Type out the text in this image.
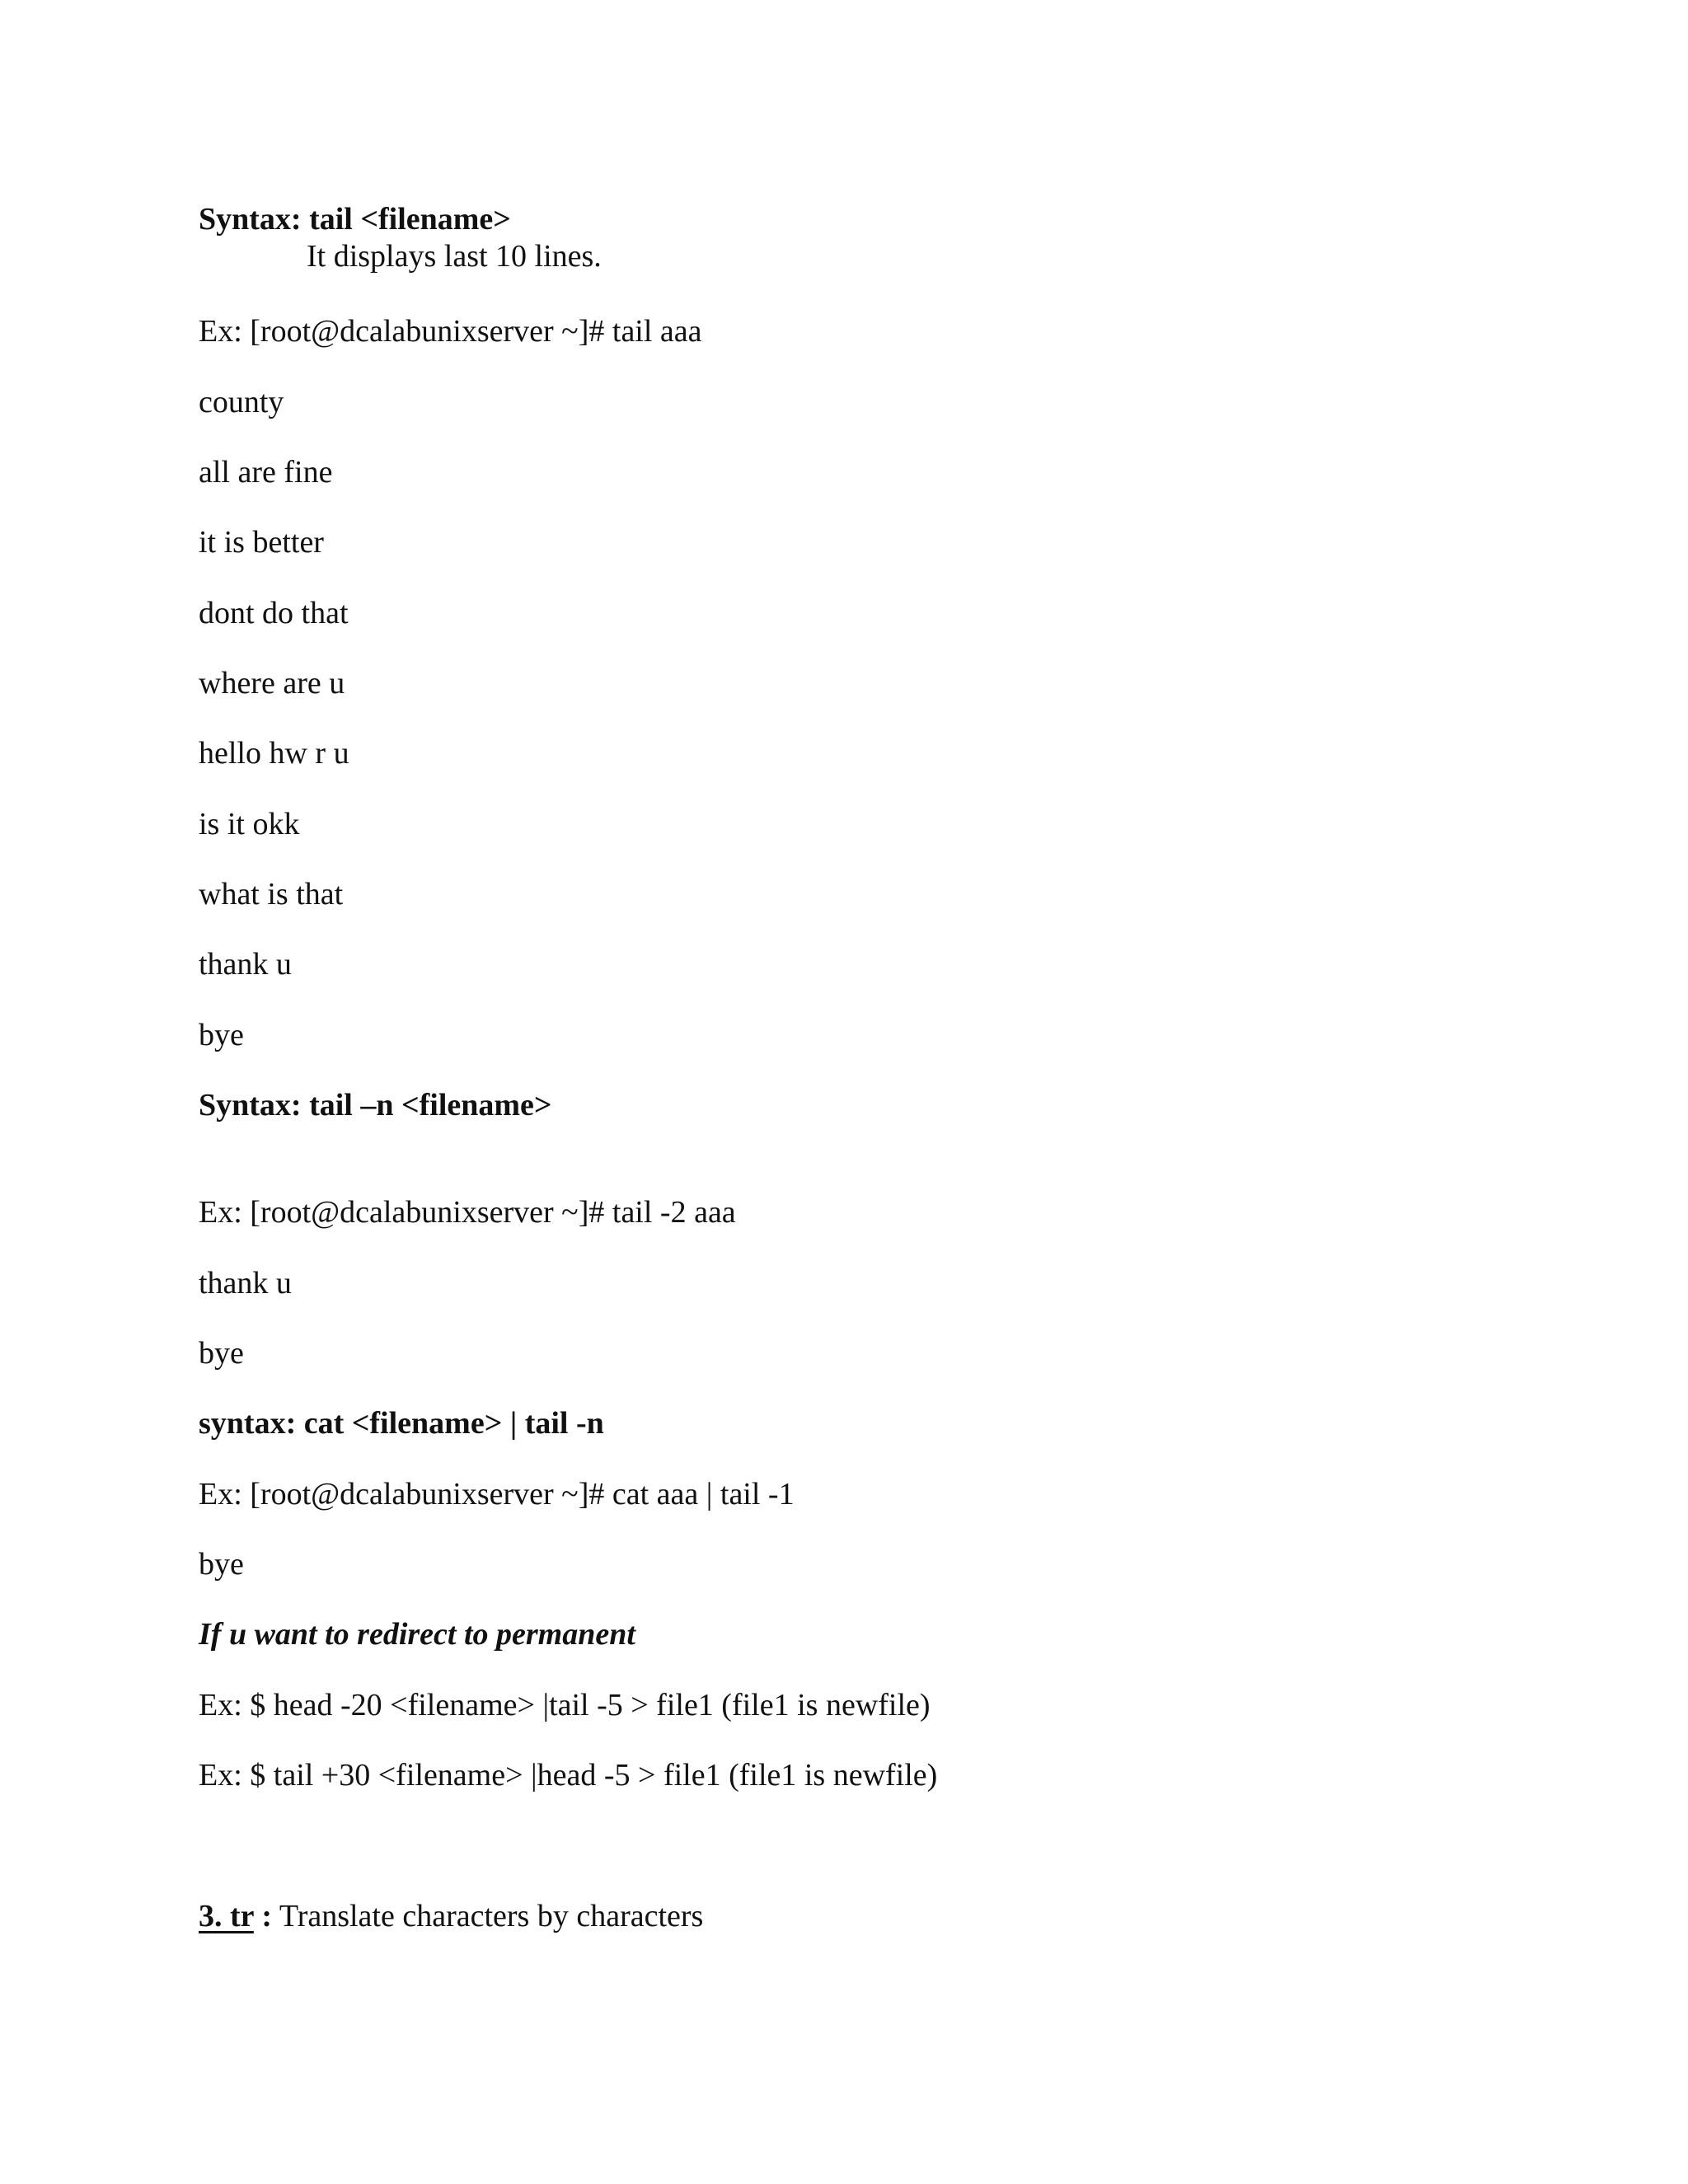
Syntax: tail <filename>
It displays last 10 lines.
Ex: [root@dcalabunixserver ~]# tail aaa
county
all are fine
it is better
dont do that
where are u
hello hw r u
is it okk
what is that
thank u
bye
Syntax: tail –n <filename>
Ex: [root@dcalabunixserver ~]# tail -2 aaa
thank u
bye
syntax: cat <filename> | tail -n
Ex: [root@dcalabunixserver ~]# cat aaa | tail -1
bye
If u want to redirect to permanent
Ex: $ head -20 <filename> |tail -5 > file1 (file1 is newfile)
Ex: $ tail +30 <filename> |head -5 > file1 (file1 is newfile)
3. tr : Translate characters by characters
